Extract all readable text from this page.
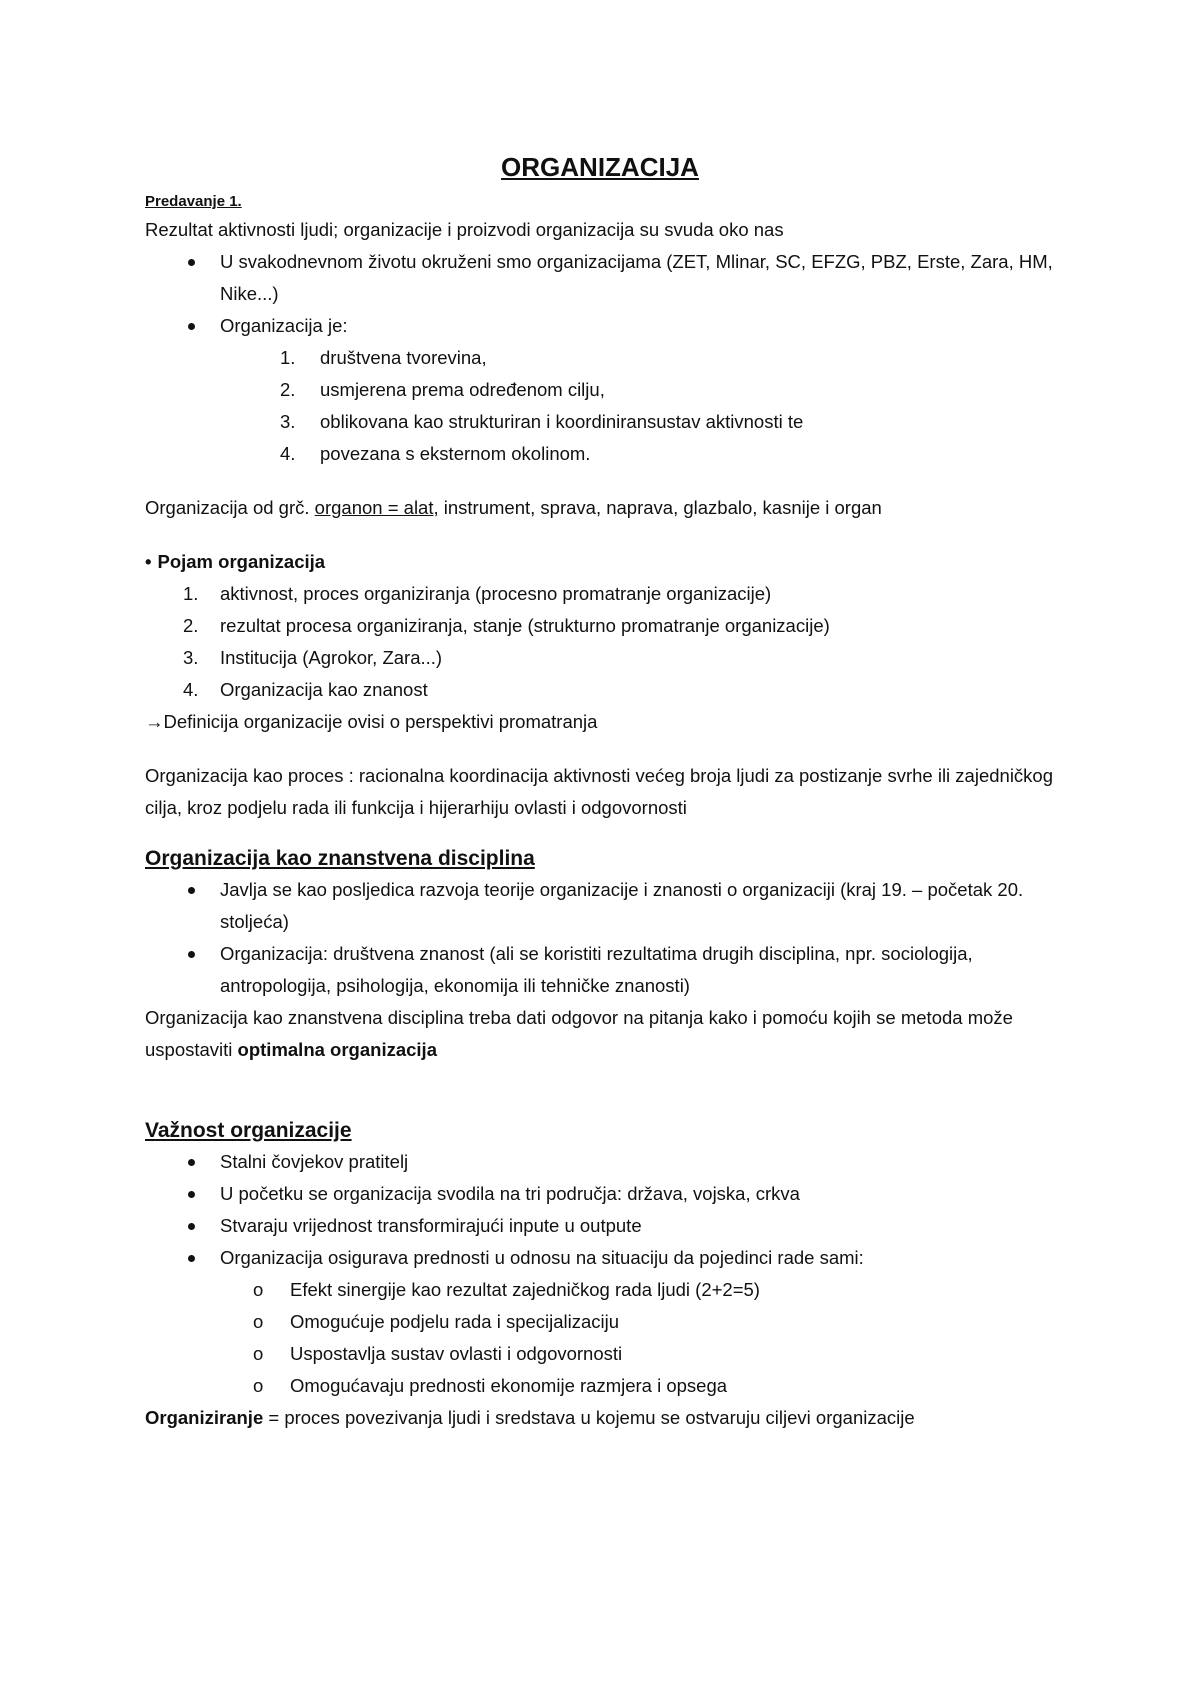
ORGANIZACIJA
Predavanje 1.

Rezultat aktivnosti ljudi; organizacije i proizvodi organizacija su svuda oko nas

U svakodnevnom životu okruženi smo organizacijama (ZET, Mlinar, SC, EFZG, PBZ, Erste, Zara, HM, Nike...)
Organizacija je:
1. društvena tvorevina,
2. usmjerena prema određenom cilju,
3. oblikovana kao strukturiran i koordiniransustav aktivnosti te
4. povezana s eksternom okolinom.

Organizacija od grč. organon = alat, instrument, sprava, naprava, glazbalo, kasnije i organ

• Pojam organizacija

1. aktivnost, proces organiziranja (procesno promatranje organizacije)
2. rezultat procesa organiziranja, stanje (strukturno promatranje organizacije)
3. Institucija (Agrokor, Zara...)
4. Organizacija kao znanost

→Definicija organizacije ovisi o perspektivi promatranja

Organizacija kao proces : racionalna koordinacija aktivnosti većeg broja ljudi za postizanje svrhe ili zajedničkog cilja, kroz podjelu rada ili funkcija i hijerarhiju ovlasti i odgovornosti

Organizacija kao znanstvena disciplina
Javlja se kao posljedica razvoja teorije organizacije i znanosti o organizaciji (kraj 19. – početak 20. stoljeća)
Organizacija: društvena znanost (ali se koristiti rezultatima drugih disciplina, npr. sociologija, antropologija, psihologija, ekonomija ili tehničke znanosti)

Organizacija kao znanstvena disciplina treba dati odgovor na pitanja kako i pomoću kojih se metoda može uspostaviti optimalna organizacija

Važnost organizacije
Stalni čovjekov pratitelj
U početku se organizacija svodila na tri područja: država, vojska, crkva
Stvaraju vrijednost transformirajući inpute u outpute
Organizacija osigurava prednosti u odnosu na situaciju da pojedinci rade sami:
o Efekt sinergije kao rezultat zajedničkog rada ljudi (2+2=5)
o Omogućuje podjelu rada i specijalizaciju
o Uspostavlja sustav ovlasti i odgovornosti
o Omogućavaju prednosti ekonomije razmjera i opsega

Organiziranje = proces povezivanja ljudi i sredstava u kojemu se ostvaruju ciljevi organizacije
